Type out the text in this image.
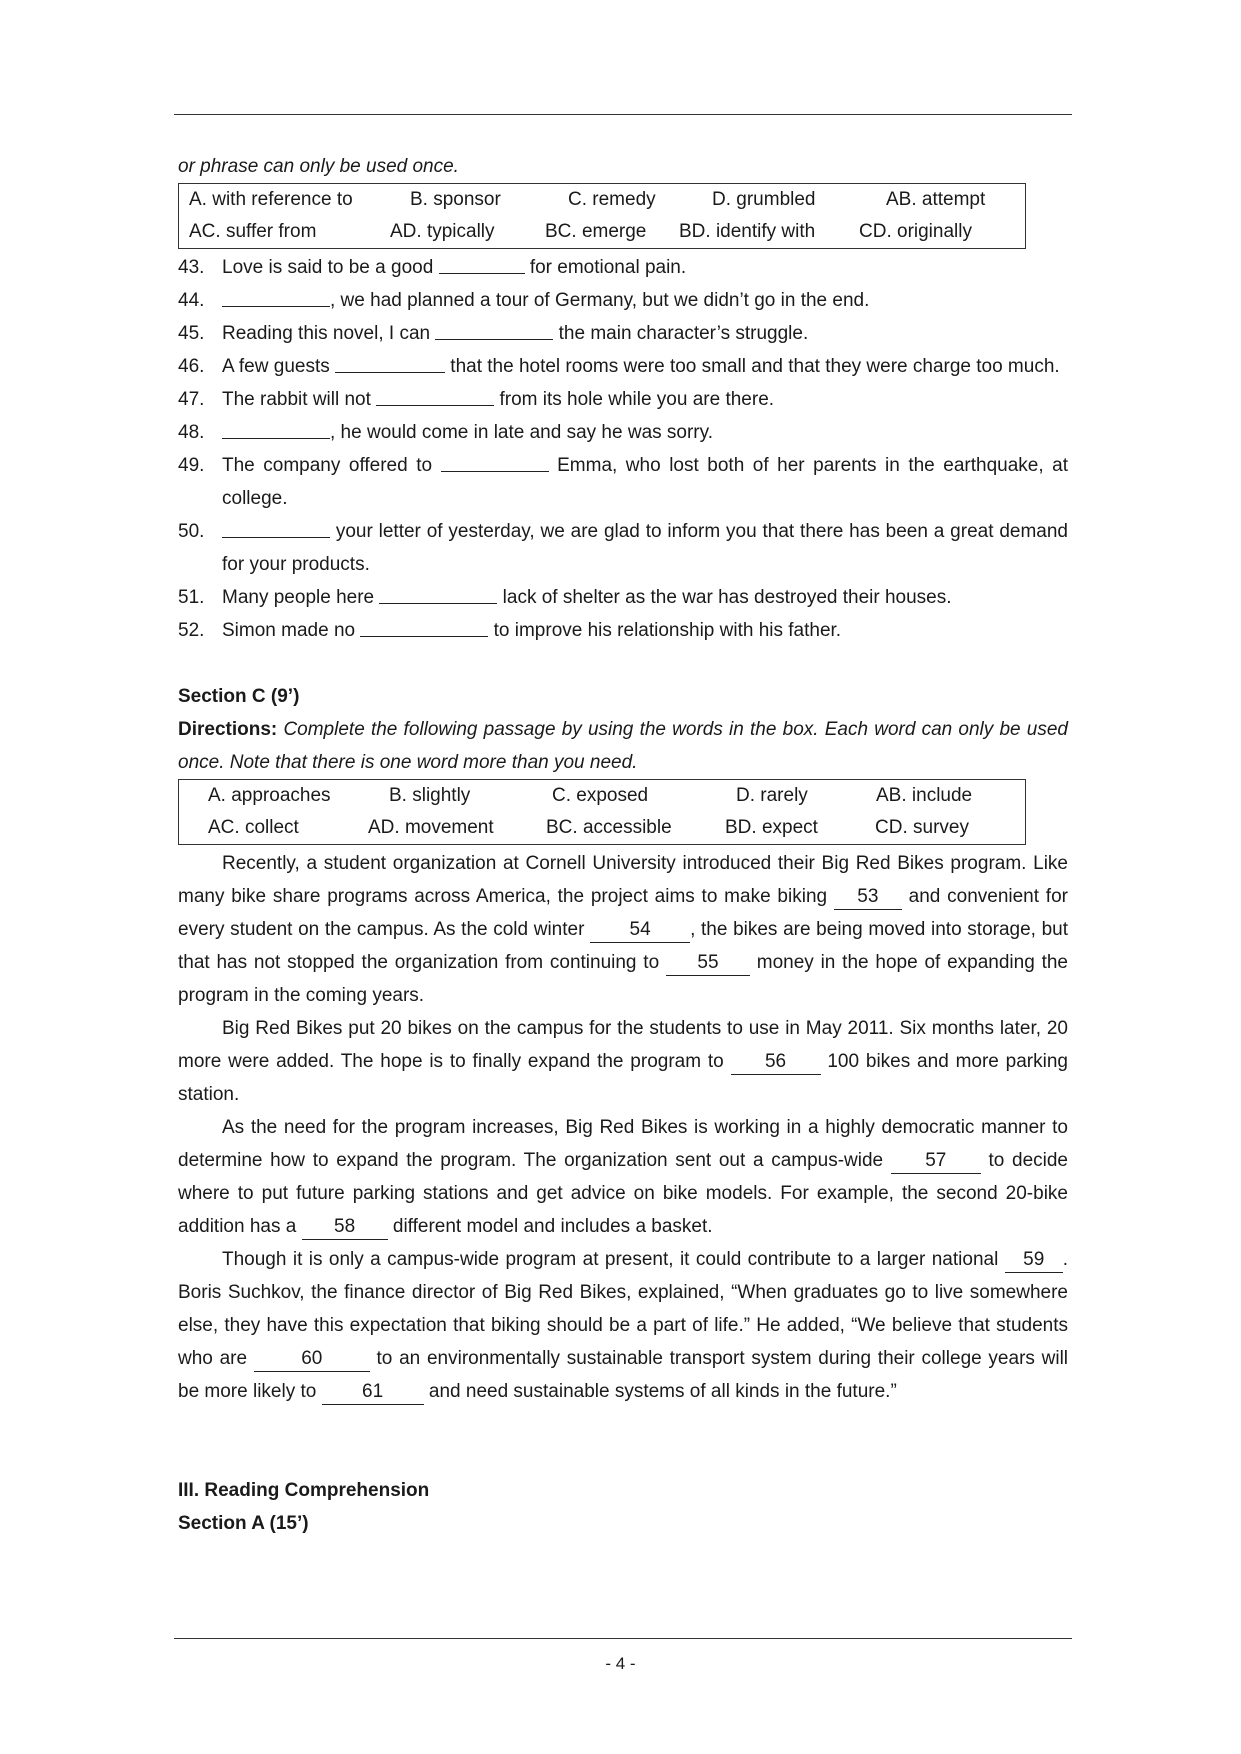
or phrase can only be used once.
A. with reference to	B. sponsor	C. remedy	D. grumbled	AB. attempt
AC. suffer from	AD. typically	BC. emerge	BD. identify with	CD. originally
43. Love is said to be a good	for emotional pain.
44.	, we had planned a tour of Germany, but we didn’t go in the end.
45. Reading this novel, I can	the main character’s struggle.
46. A few guests	that the hotel rooms were too small and that they were charge too much.
47. The rabbit will not	from its hole while you are there.
48.	, he would come in late and say he was sorry.
49. The company offered to	Emma, who lost both of her parents in the earthquake, at college.
50.	your letter of yesterday, we are glad to inform you that there has been a great demand for your products.
51. Many people here	lack of shelter as the war has destroyed their houses.
52. Simon made no	to improve his relationship with his father.
Section C (9’)
Directions: Complete the following passage by using the words in the box. Each word can only be used once. Note that there is one word more than you need.
A. approaches	B. slightly	C. exposed	D. rarely	AB. include
AC. collect	AD. movement	BC. accessible	BD. expect	CD. survey
Recently, a student organization at Cornell University introduced their Big Red Bikes program. Like many bike share programs across America, the project aims to make biking 53 and convenient for every student on the campus. As the cold winter 54 , the bikes are being moved into storage, but that has not stopped the organization from continuing to 55 money in the hope of expanding the program in the coming years.
Big Red Bikes put 20 bikes on the campus for the students to use in May 2011. Six months later, 20 more were added. The hope is to finally expand the program to 56 100 bikes and more parking station.
As the need for the program increases, Big Red Bikes is working in a highly democratic manner to determine how to expand the program. The organization sent out a campus-wide 57 to decide where to put future parking stations and get advice on bike models. For example, the second 20-bike addition has a 58 different model and includes a basket.
Though it is only a campus-wide program at present, it could contribute to a larger national 59 . Boris Suchkov, the finance director of Big Red Bikes, explained, “When graduates go to live somewhere else, they have this expectation that biking should be a part of life.” He added, “We believe that students who are 60 to an environmentally sustainable transport system during their college years will be more likely to 61 and need sustainable systems of all kinds in the future.”
III. Reading Comprehension
Section A (15’)
- 4 -
